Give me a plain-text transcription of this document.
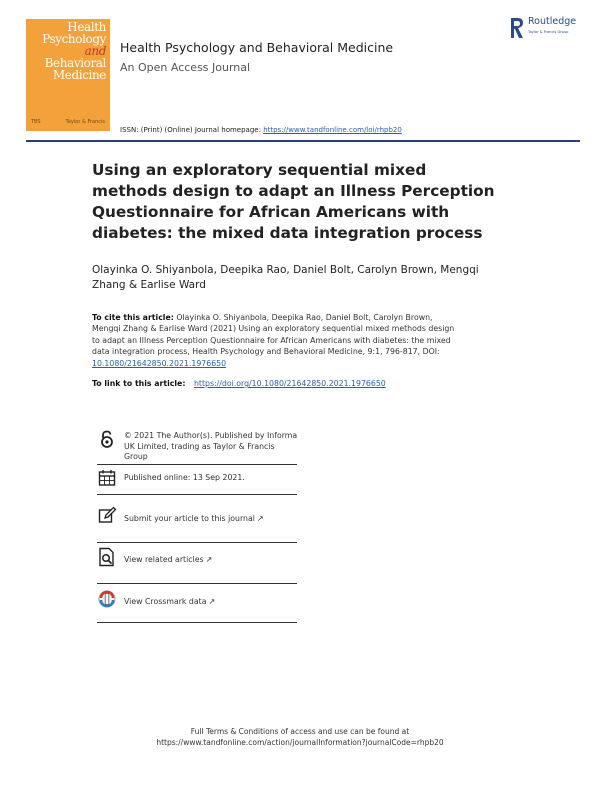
Health
Psychology
and
Behavioral
Medicine
TBS	Taylor & Francis
Health Psychology and Behavioral Medicine
An Open Access Journal
Routledge
Taylor & Francis Group
ISSN: (Print) (Online) Journal homepage: https://www.tandfonline.com/loi/rhpb20
Using an exploratory sequential mixed
methods design to adapt an Illness Perception
Questionnaire for African Americans with
diabetes: the mixed data integration process
Olayinka O. Shiyanbola, Deepika Rao, Daniel Bolt, Carolyn Brown, Mengqi
Zhang & Earlise Ward
To cite this article: Olayinka O. Shiyanbola, Deepika Rao, Daniel Bolt, Carolyn Brown,
Mengqi Zhang & Earlise Ward (2021) Using an exploratory sequential mixed methods design
to adapt an Illness Perception Questionnaire for African Americans with diabetes: the mixed
data integration process, Health Psychology and Behavioral Medicine, 9:1, 796-817, DOI:
10.1080/21642850.2021.1976650
To link to this article: https://doi.org/10.1080/21642850.2021.1976650
© 2021 The Author(s). Published by Informa
UK Limited, trading as Taylor & Francis
Group
Published online: 13 Sep 2021.
Submit your article to this journal ↗
View related articles ↗
View Crossmark data ↗
Full Terms & Conditions of access and use can be found at
https://www.tandfonline.com/action/journalInformation?journalCode=rhpb20
